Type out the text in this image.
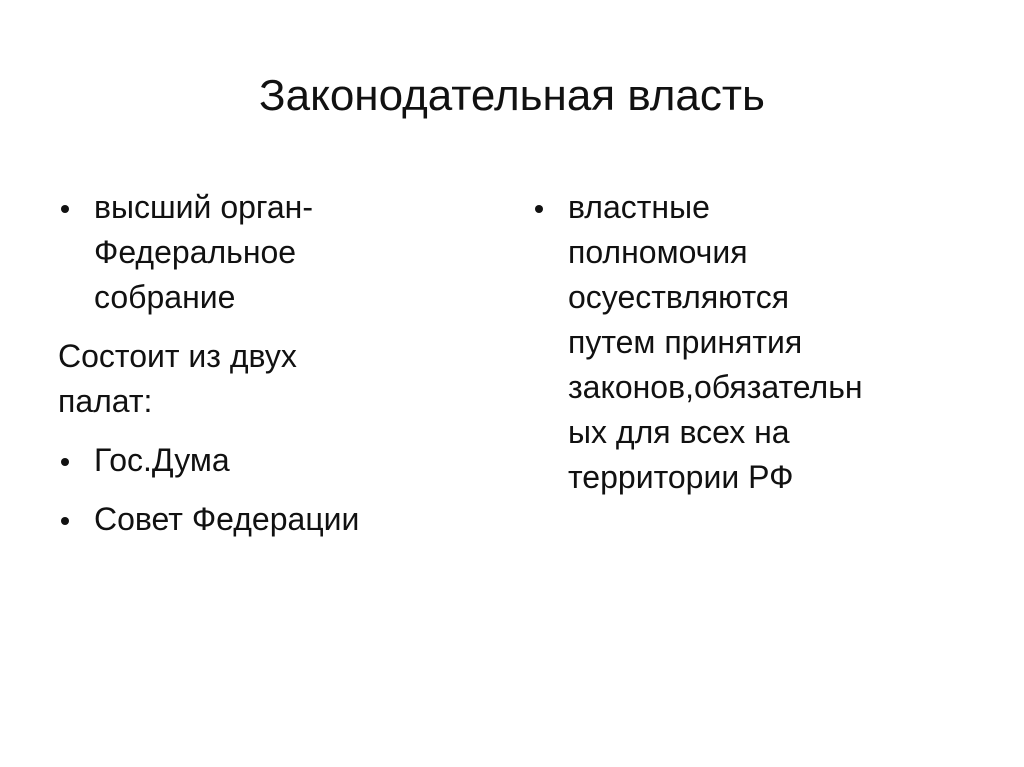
Законодательная власть
высший орган-
Федеральное
собрание
Состоит из двух
палат:
Гос.Дума
Совет Федерации
властные
полномочия
осуествляются
путем принятия
законов,обязательн
ых для всех на
территории РФ
